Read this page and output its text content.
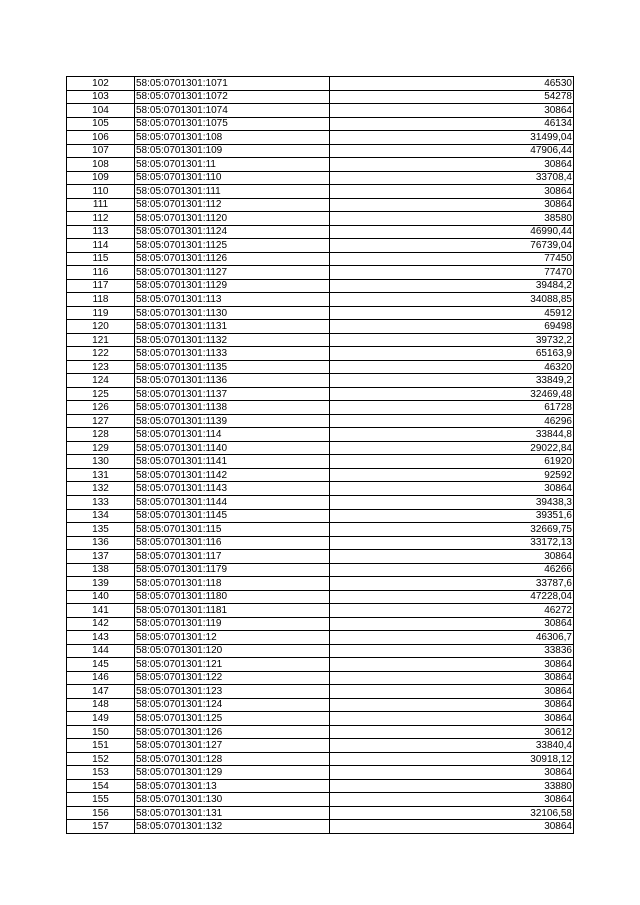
102	58:05:0701301:1071	46530
103	58:05:0701301:1072	54278
104	58:05:0701301:1074	30864
105	58:05:0701301:1075	46134
106	58:05:0701301:108	31499,04
107	58:05:0701301:109	47906,44
108	58:05:0701301:11	30864
109	58:05:0701301:110	33708,4
110	58:05:0701301:111	30864
111	58:05:0701301:112	30864
112	58:05:0701301:1120	38580
113	58:05:0701301:1124	46990,44
114	58:05:0701301:1125	76739,04
115	58:05:0701301:1126	77450
116	58:05:0701301:1127	77470
117	58:05:0701301:1129	39484,2
118	58:05:0701301:113	34088,85
119	58:05:0701301:1130	45912
120	58:05:0701301:1131	69498
121	58:05:0701301:1132	39732,2
122	58:05:0701301:1133	65163,9
123	58:05:0701301:1135	46320
124	58:05:0701301:1136	33849,2
125	58:05:0701301:1137	32469,48
126	58:05:0701301:1138	61728
127	58:05:0701301:1139	46296
128	58:05:0701301:114	33844,8
129	58:05:0701301:1140	29022,84
130	58:05:0701301:1141	61920
131	58:05:0701301:1142	92592
132	58:05:0701301:1143	30864
133	58:05:0701301:1144	39438,3
134	58:05:0701301:1145	39351,6
135	58:05:0701301:115	32669,75
136	58:05:0701301:116	33172,13
137	58:05:0701301:117	30864
138	58:05:0701301:1179	46266
139	58:05:0701301:118	33787,6
140	58:05:0701301:1180	47228,04
141	58:05:0701301:1181	46272
142	58:05:0701301:119	30864
143	58:05:0701301:12	46306,7
144	58:05:0701301:120	33836
145	58:05:0701301:121	30864
146	58:05:0701301:122	30864
147	58:05:0701301:123	30864
148	58:05:0701301:124	30864
149	58:05:0701301:125	30864
150	58:05:0701301:126	30612
151	58:05:0701301:127	33840,4
152	58:05:0701301:128	30918,12
153	58:05:0701301:129	30864
154	58:05:0701301:13	33880
155	58:05:0701301:130	30864
156	58:05:0701301:131	32106,58
157	58:05:0701301:132	30864
